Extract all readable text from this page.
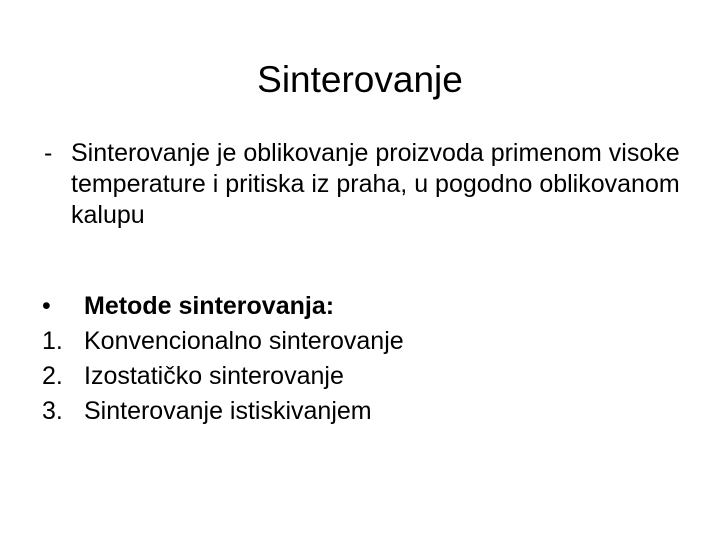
Sinterovanje
- Sinterovanje je oblikovanje proizvoda primenom visoke temperature i pritiska iz praha, u pogodno oblikovanom kalupu
•	Metode sinterovanja:
1. Konvencionalno sinterovanje
2. Izostatičko sinterovanje
3. Sinterovanje istiskivanjem
